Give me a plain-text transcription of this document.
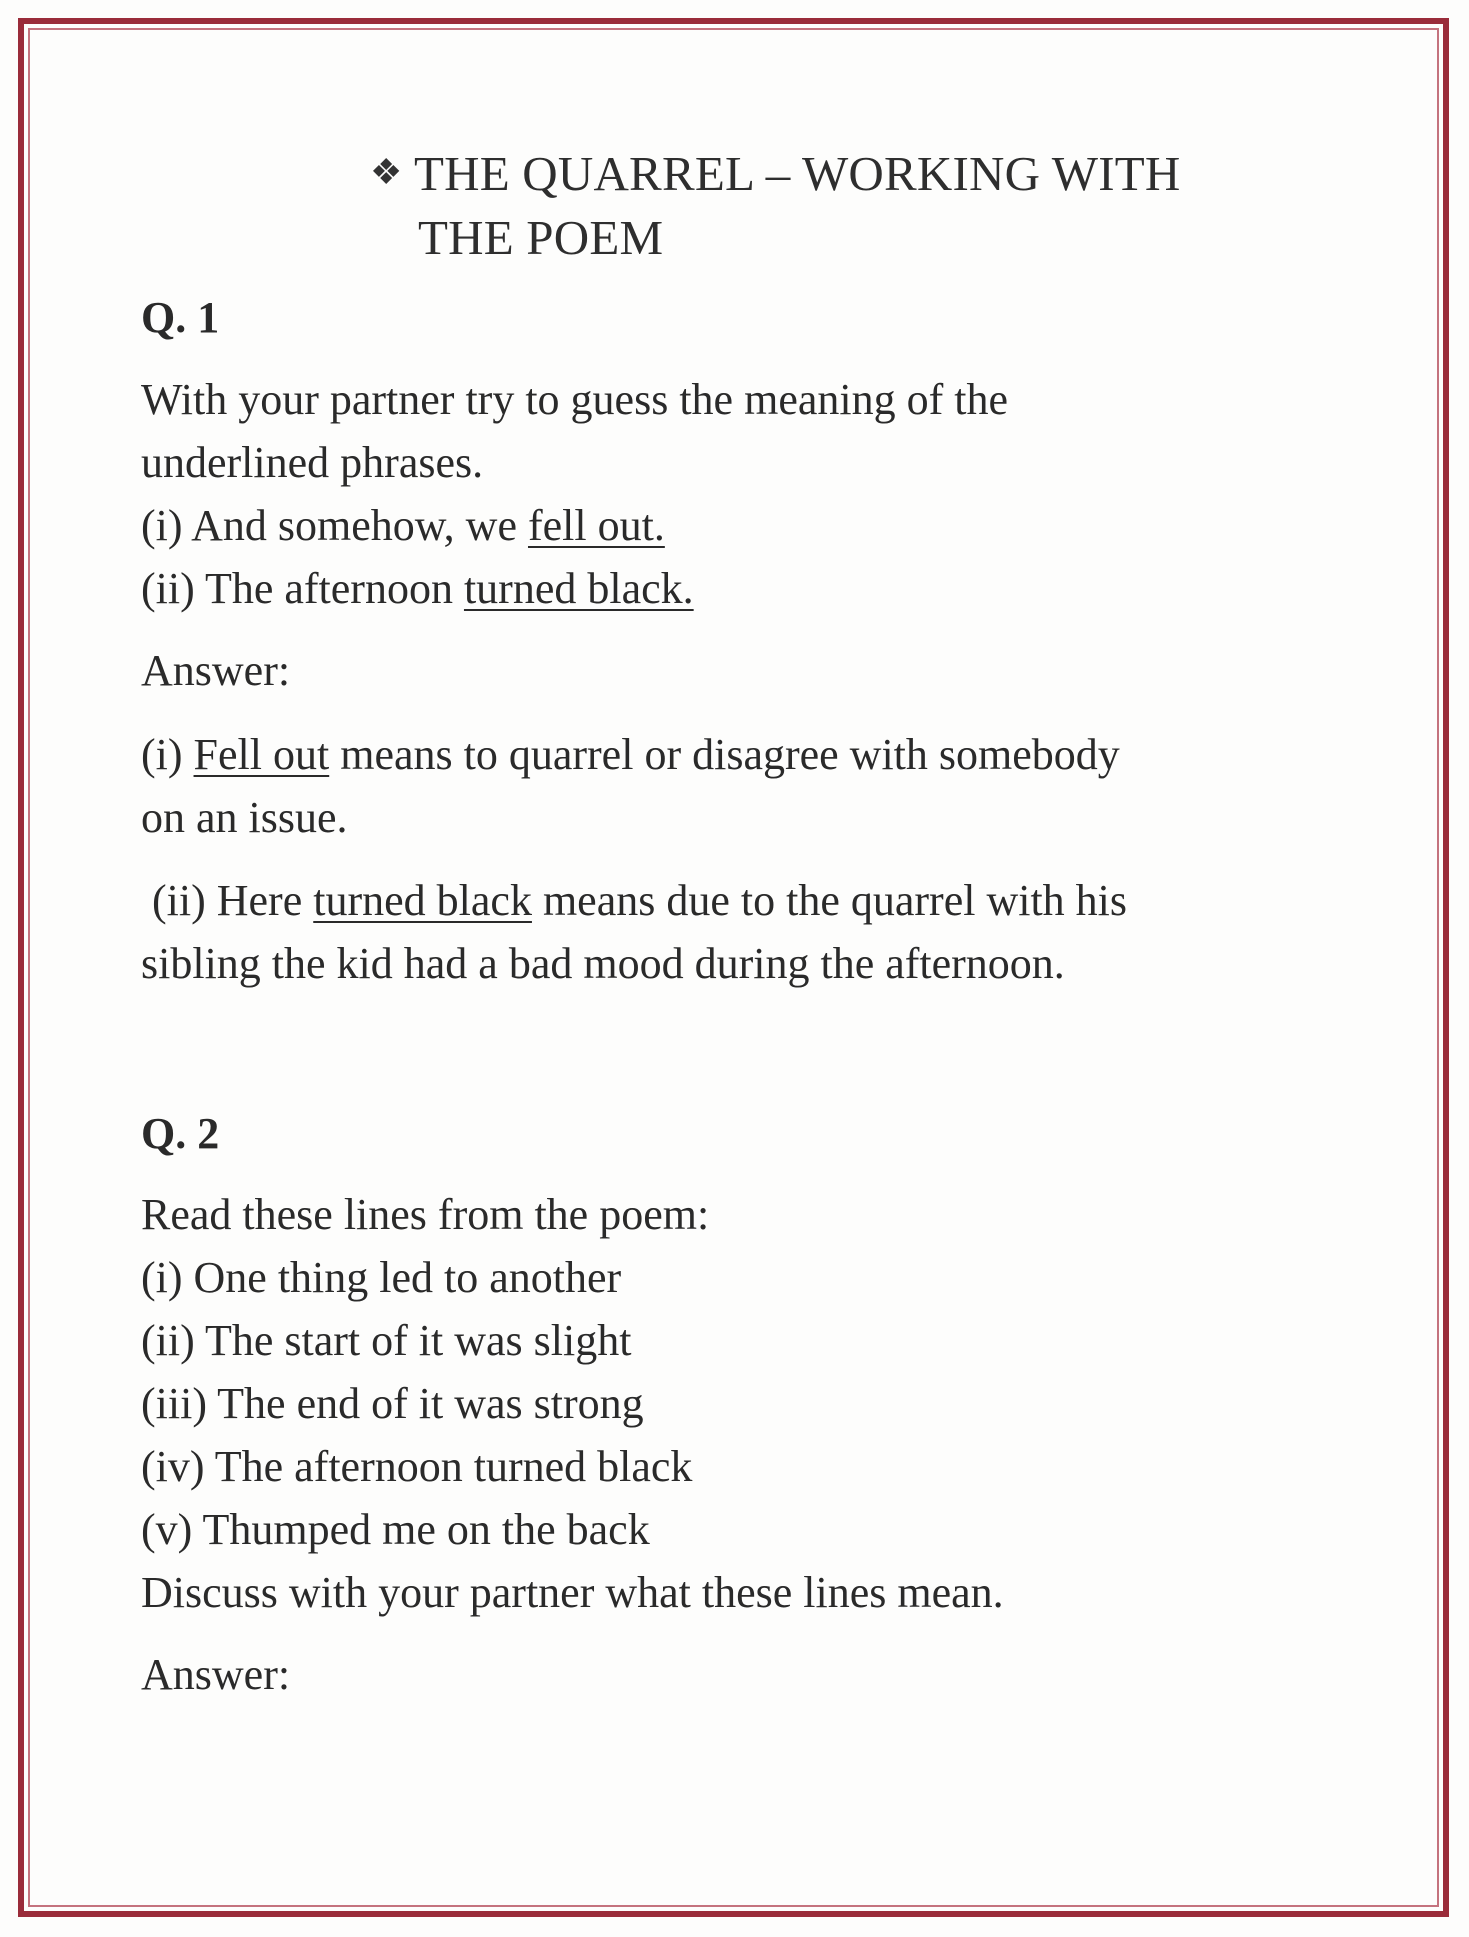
❖ THE QUARREL – WORKING WITH
THE POEM
Q. 1
With your partner try to guess the meaning of the
underlined phrases.
(i) And somehow, we fell out.
(ii) The afternoon turned black.
Answer:
(i) Fell out means to quarrel or disagree with somebody
on an issue.
(ii) Here turned black means due to the quarrel with his
sibling the kid had a bad mood during the afternoon.
Q. 2
Read these lines from the poem:
(i) One thing led to another
(ii) The start of it was slight
(iii) The end of it was strong
(iv) The afternoon turned black
(v) Thumped me on the back
Discuss with your partner what these lines mean.
Answer:
